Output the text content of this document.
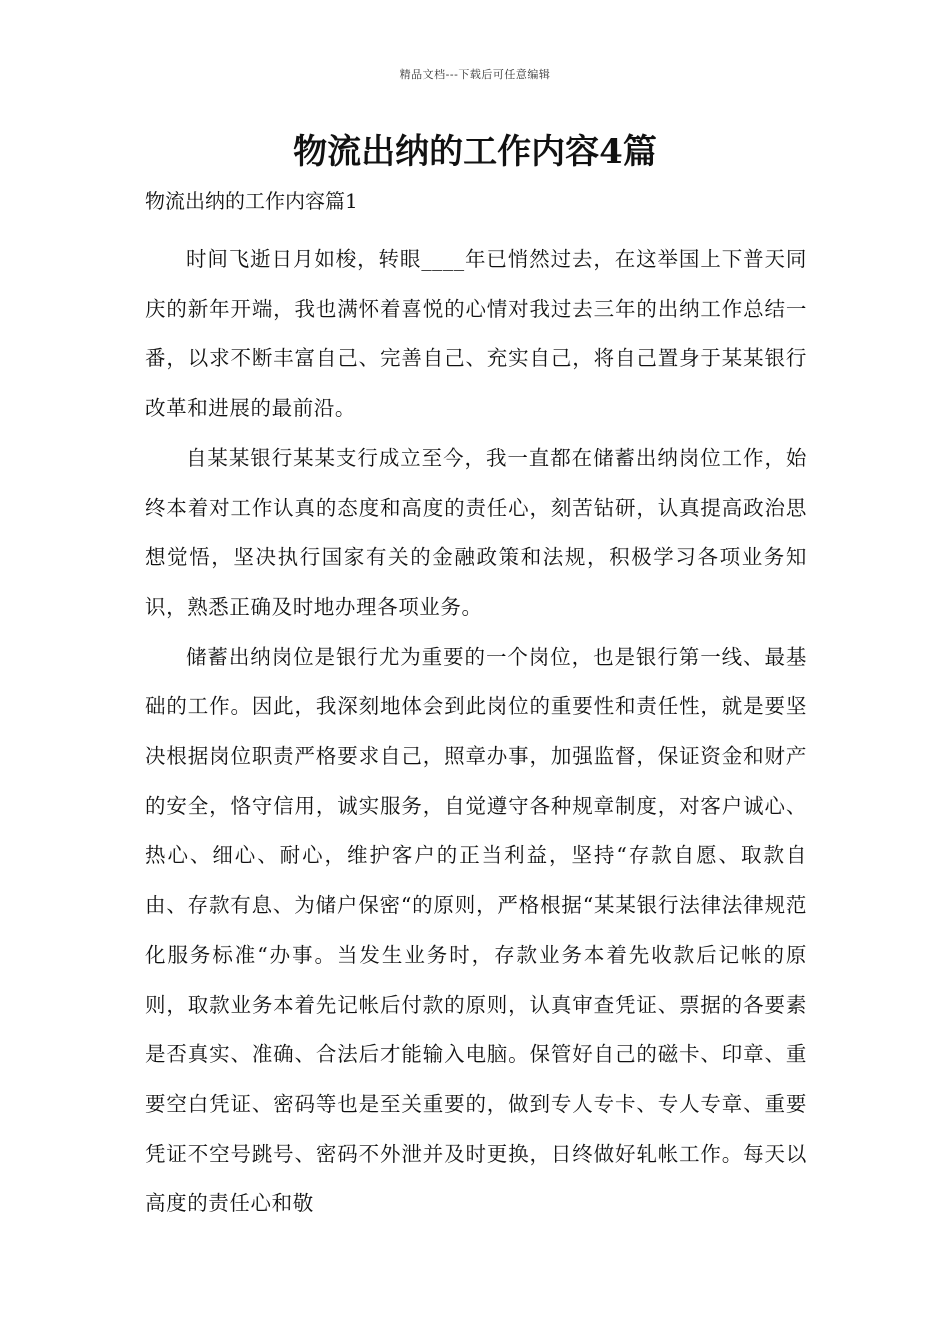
精品文档---下载后可任意编辑
物流出纳的工作内容4篇
物流出纳的工作内容篇1

时间飞逝日月如梭，转眼____年已悄然过去，在这举国上下普天同庆的新年开端，我也满怀着喜悦的心情对我过去三年的出纳工作总结一番，以求不断丰富自己、完善自己、充实自己，将自己置身于某某银行改革和进展的最前沿。

自某某银行某某支行成立至今，我一直都在储蓄出纳岗位工作，始终本着对工作认真的态度和高度的责任心，刻苦钻研，认真提高政治思想觉悟，坚决执行国家有关的金融政策和法规，积极学习各项业务知识，熟悉正确及时地办理各项业务。

储蓄出纳岗位是银行尤为重要的一个岗位，也是银行第一线、最基础的工作。因此，我深刻地体会到此岗位的重要性和责任性，就是要坚决根据岗位职责严格要求自己，照章办事，加强监督，保证资金和财产的安全，恪守信用，诚实服务，自觉遵守各种规章制度，对客户诚心、热心、细心、耐心，维护客户的正当利益，坚持“存款自愿、取款自由、存款有息、为储户保密“的原则，严格根据“某某银行法律法律规范化服务标准“办事。当发生业务时，存款业务本着先收款后记帐的原则，取款业务本着先记帐后付款的原则，认真审查凭证、票据的各要素是否真实、准确、合法后才能输入电脑。保管好自己的磁卡、印章、重要空白凭证、密码等也是至关重要的，做到专人专卡、专人专章、重要凭证不空号跳号、密码不外泄并及时更换，日终做好轧帐工作。每天以高度的责任心和敬
